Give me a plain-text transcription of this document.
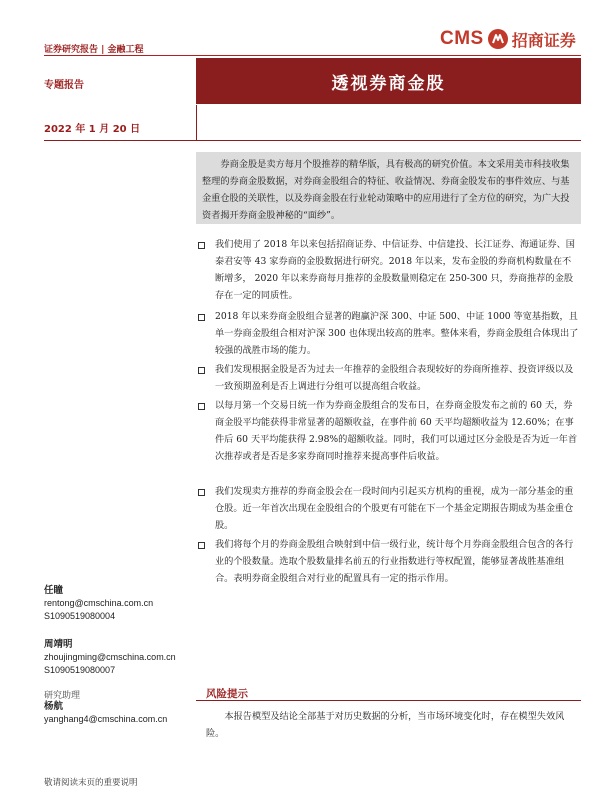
证券研究报告 | 金融工程
CMS 招商证券
专题报告	透视券商金股
2022 年 1 月 20 日

券商金股是卖方每月个股推荐的精华版，具有极高的研究价值。本文采用美市科技收集整理的券商金股数据，对券商金股组合的特征、收益情况、券商金股发布的事件效应、与基金重仓股的关联性，以及券商金股在行业轮动策略中的应用进行了全方位的研究，为广大投资者揭开券商金股神秘的“面纱”。

我们使用了 2018 年以来包括招商证券、中信证券、中信建投、长江证券、海通证券、国泰君安等 43 家券商的金股数据进行研究。2018 年以来，发布金股的券商机构数量在不断增多， 2020 年以来券商每月推荐的金股数量则稳定在 250-300 只，券商推荐的金股存在一定的同质性。
2018 年以来券商金股组合显著的跑赢沪深 300、中证 500、中证 1000 等宽基指数，且单一券商金股组合相对沪深 300 也体现出较高的胜率。整体来看，券商金股组合体现出了较强的战胜市场的能力。
我们发现根据金股是否为过去一年推荐的金股组合表现较好的券商所推荐、投资评级以及一致预期盈利是否上调进行分组可以提高组合收益。
以每月第一个交易日统一作为券商金股组合的发布日，在券商金股发布之前的 60 天，券商金股平均能获得非常显著的超额收益，在事件前 60 天平均超额收益为 12.60%；在事件后 60 天平均能获得 2.98%的超额收益。同时，我们可以通过区分金股是否为近一年首次推荐或者是否是多家券商同时推荐来提高事件后收益。
我们发现卖方推荐的券商金股会在一段时间内引起买方机构的重视，成为一部分基金的重仓股。近一年首次出现在金股组合的个股更有可能在下一个基金定期报告期成为基金重仓股。
我们将每个月的券商金股组合映射到中信一级行业，统计每个月券商金股组合包含的各行业的个股数量。选取个股数量排名前五的行业指数进行等权配置，能够显著战胜基准组合。表明券商金股组合对行业的配置具有一定的指示作用。
任瞳
rentong@cmschina.com.cn
S1090519080004
周靖明
zhoujingming@cmschina.com.cn
S1090519080007
研究助理
杨航
yanghang4@cmschina.com.cn
风险提示
本报告模型及结论全部基于对历史数据的分析，当市场环境变化时，存在模型失效风险。
敬请阅读末页的重要说明
